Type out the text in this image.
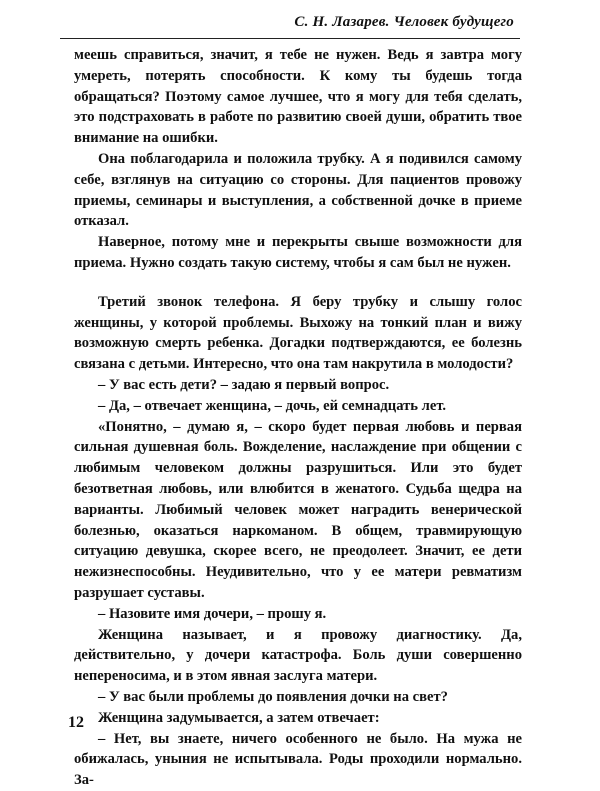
С. Н. Лазарев. Человек будущего

меешь справиться, значит, я тебе не нужен. Ведь я завтра могу умереть, потерять способности. К кому ты будешь тогда обращаться? Поэтому самое лучшее, что я могу для тебя сделать, это подстраховать в работе по развитию своей души, обратить твое внимание на ошибки.

Она поблагодарила и положила трубку. А я подивился самому себе, взглянув на ситуацию со стороны. Для пациентов провожу приемы, семинары и выступления, а собственной дочке в приеме отказал.

Наверное, потому мне и перекрыты свыше возможности для приема. Нужно создать такую систему, чтобы я сам был не нужен.

Третий звонок телефона. Я беру трубку и слышу голос женщины, у которой проблемы. Выхожу на тонкий план и вижу возможную смерть ребенка. Догадки подтверждаются, ее болезнь связана с детьми. Интересно, что она там накрутила в молодости?

– У вас есть дети? – задаю я первый вопрос.

– Да, – отвечает женщина, – дочь, ей семнадцать лет.

«Понятно, – думаю я, – скоро будет первая любовь и первая сильная душевная боль. Вожделение, наслаждение при общении с любимым человеком должны разрушиться. Или это будет безответная любовь, или влюбится в женатого. Судьба щедра на варианты. Любимый человек может наградить венерической болезнью, оказаться наркоманом. В общем, травмирующую ситуацию девушка, скорее всего, не преодолеет. Значит, ее дети нежизнеспособны. Неудивительно, что у ее матери ревматизм разрушает суставы.

– Назовите имя дочери, – прошу я.

Женщина называет, и я провожу диагностику. Да, действительно, у дочери катастрофа. Боль души совершенно непереносима, и в этом явная заслуга матери.

– У вас были проблемы до появления дочки на свет?

Женщина задумывается, а затем отвечает:

– Нет, вы знаете, ничего особенного не было. На мужа не обижалась, уныния не испытывала. Роды проходили нормально. За-

12
